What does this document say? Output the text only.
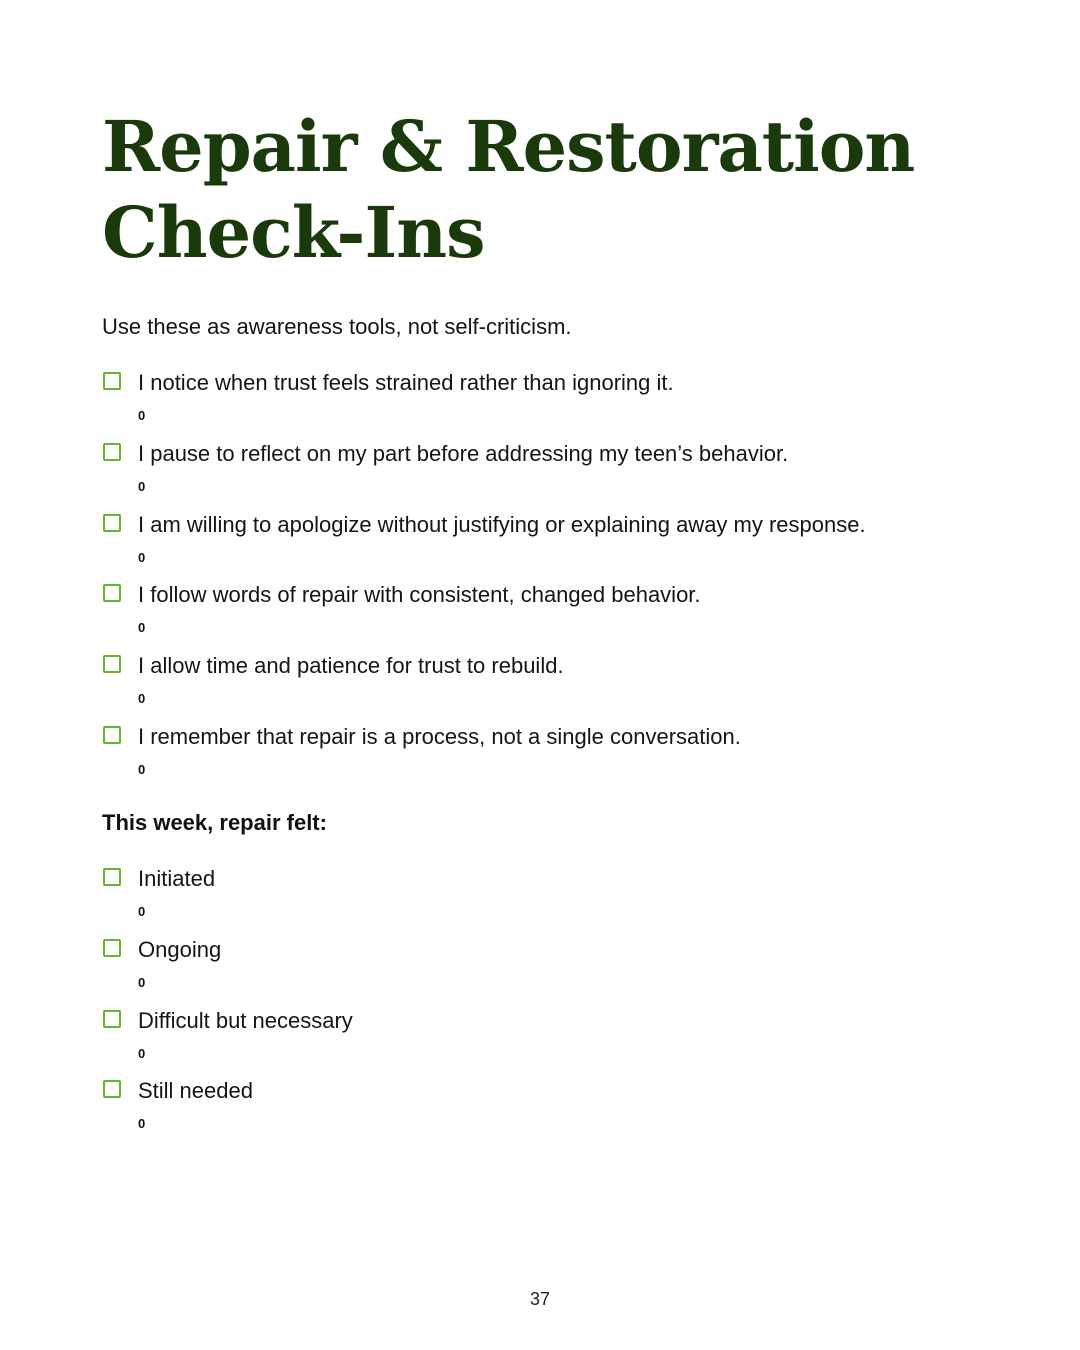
Repair & Restoration
Check-Ins

Use these as awareness tools, not self-criticism.

I notice when trust feels strained rather than ignoring it.
0
I pause to reflect on my part before addressing my teen’s behavior.
0
I am willing to apologize without justifying or explaining away my response.
0
I follow words of repair with consistent, changed behavior.
0
I allow time and patience for trust to rebuild.
0
I remember that repair is a process, not a single conversation.
0

This week, repair felt:

Initiated
0
Ongoing
0
Difficult but necessary
0
Still needed
0
37
